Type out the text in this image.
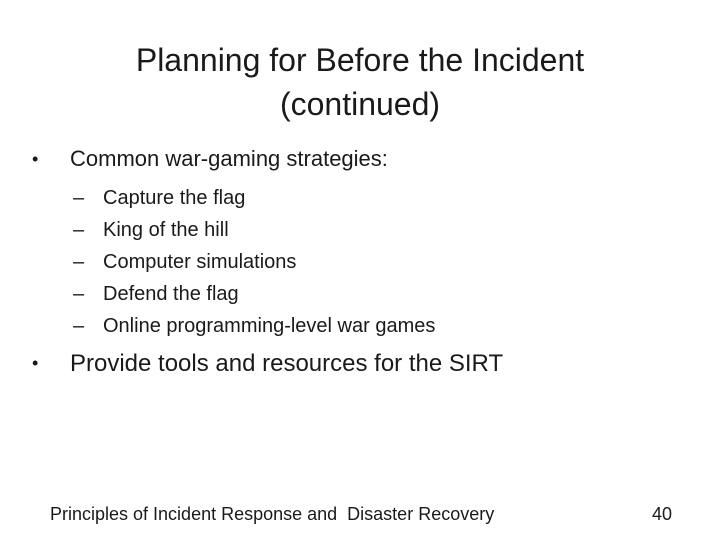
Planning for Before the Incident
(continued)
•	Common war-gaming strategies:
– Capture the flag
– King of the hill
– Computer simulations
– Defend the flag
– Online programming-level war games
•	Provide tools and resources for the SIRT
Principles of Incident Response and  Disaster Recovery	40
